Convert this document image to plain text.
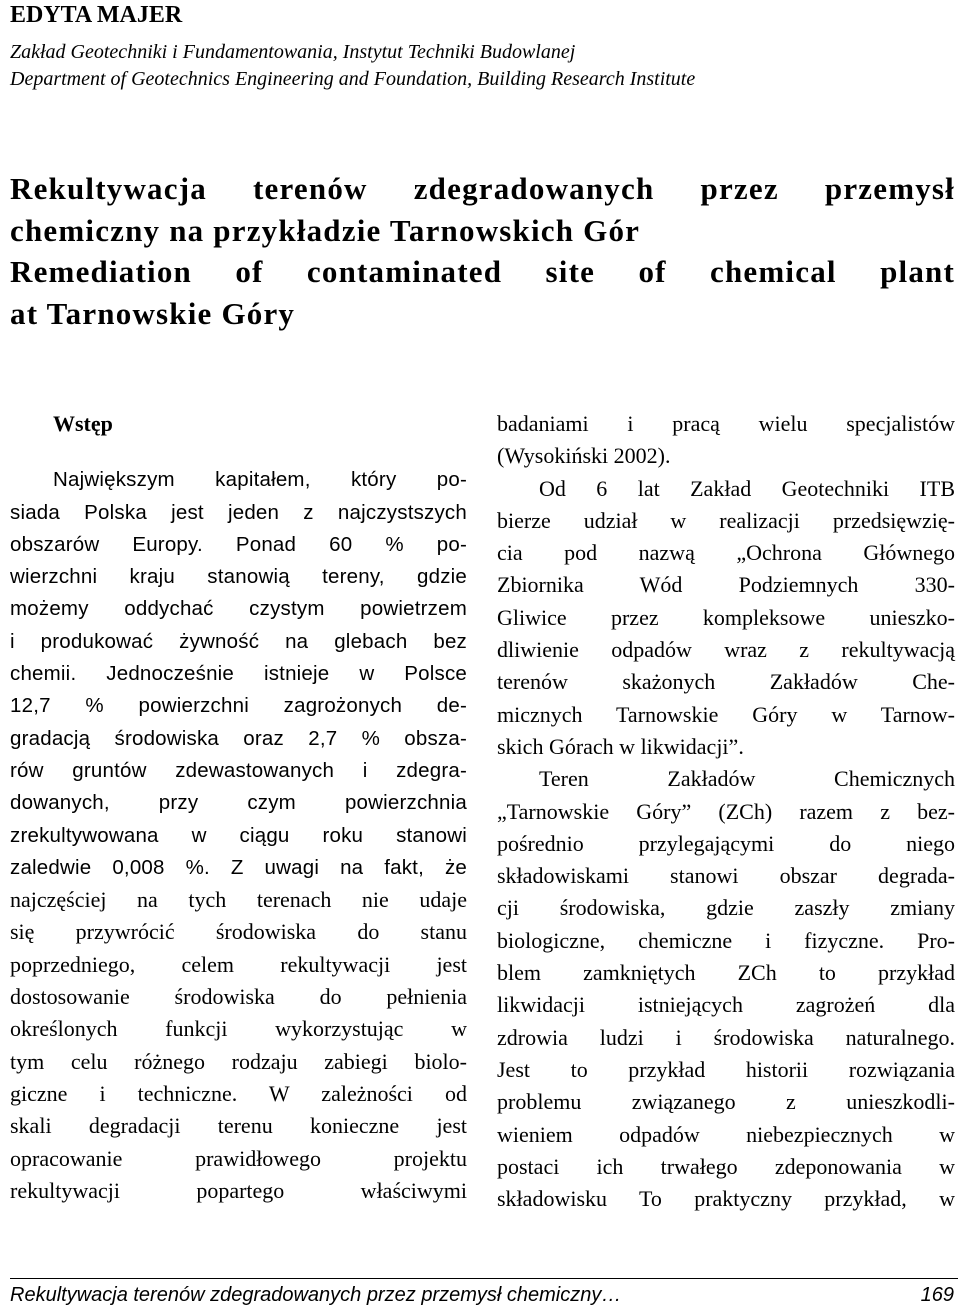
EDYTA MAJER

Zakład Geotechniki i Fundamentowania, Instytut Techniki Budowlanej

Department of Geotechnics Engineering and Foundation, Building Research Institute

Rekultywacja terenów zdegradowanych przez przemysł
chemiczny na przykładzie Tarnowskich Gór
Remediation of contaminated site of chemical plant
at Tarnowskie Góry
Wstęp
Największym kapitałem, który po-
siada Polska jest jeden z najczystszych
obszarów Europy. Ponad 60 % po-
wierzchni kraju stanowią tereny, gdzie
możemy oddychać czystym powietrzem
i produkować żywność na glebach bez
chemii. Jednocześnie istnieje w Polsce
12,7 % powierzchni zagrożonych de-
gradacją środowiska oraz 2,7 % obsza-
rów gruntów zdewastowanych i zdegra-
dowanych, przy czym powierzchnia
zrekultywowana w ciągu roku stanowi
zaledwie 0,008 %. Z uwagi na fakt, że
najczęściej na tych terenach nie udaje
się przywrócić środowiska do stanu
poprzedniego, celem rekultywacji jest
dostosowanie środowiska do pełnienia
określonych funkcji wykorzystując w
tym celu różnego rodzaju zabiegi biolo-
giczne i techniczne. W zależności od
skali degradacji terenu konieczne jest
opracowanie prawidłowego projektu
rekultywacji popartego właściwymi
badaniami i pracą wielu specjalistów
(Wysokiński 2002).
Od 6 lat Zakład Geotechniki ITB
bierze udział w realizacji przedsięwzię-
cia pod nazwą „Ochrona Głównego
Zbiornika Wód Podziemnych 330-
Gliwice przez kompleksowe unieszko-
dliwienie odpadów wraz z rekultywacją
terenów skażonych Zakładów Che-
micznych Tarnowskie Góry w Tarnow-
skich Górach w likwidacji”.
Teren Zakładów Chemicznych
„Tarnowskie Góry” (ZCh) razem z bez-
pośrednio przylegającymi do niego
składowiskami stanowi obszar degrada-
cji środowiska, gdzie zaszły zmiany
biologiczne, chemiczne i fizyczne. Pro-
blem zamkniętych ZCh to przykład
likwidacji istniejących zagrożeń dla
zdrowia ludzi i środowiska naturalnego.
Jest to przykład historii rozwiązania
problemu związanego z unieszkodli-
wieniem odpadów niebezpiecznych w
postaci ich trwałego zdeponowania w
składowisku To praktyczny przykład, w
Rekultywacja terenów zdegradowanych przez przemysł chemiczny…	169
